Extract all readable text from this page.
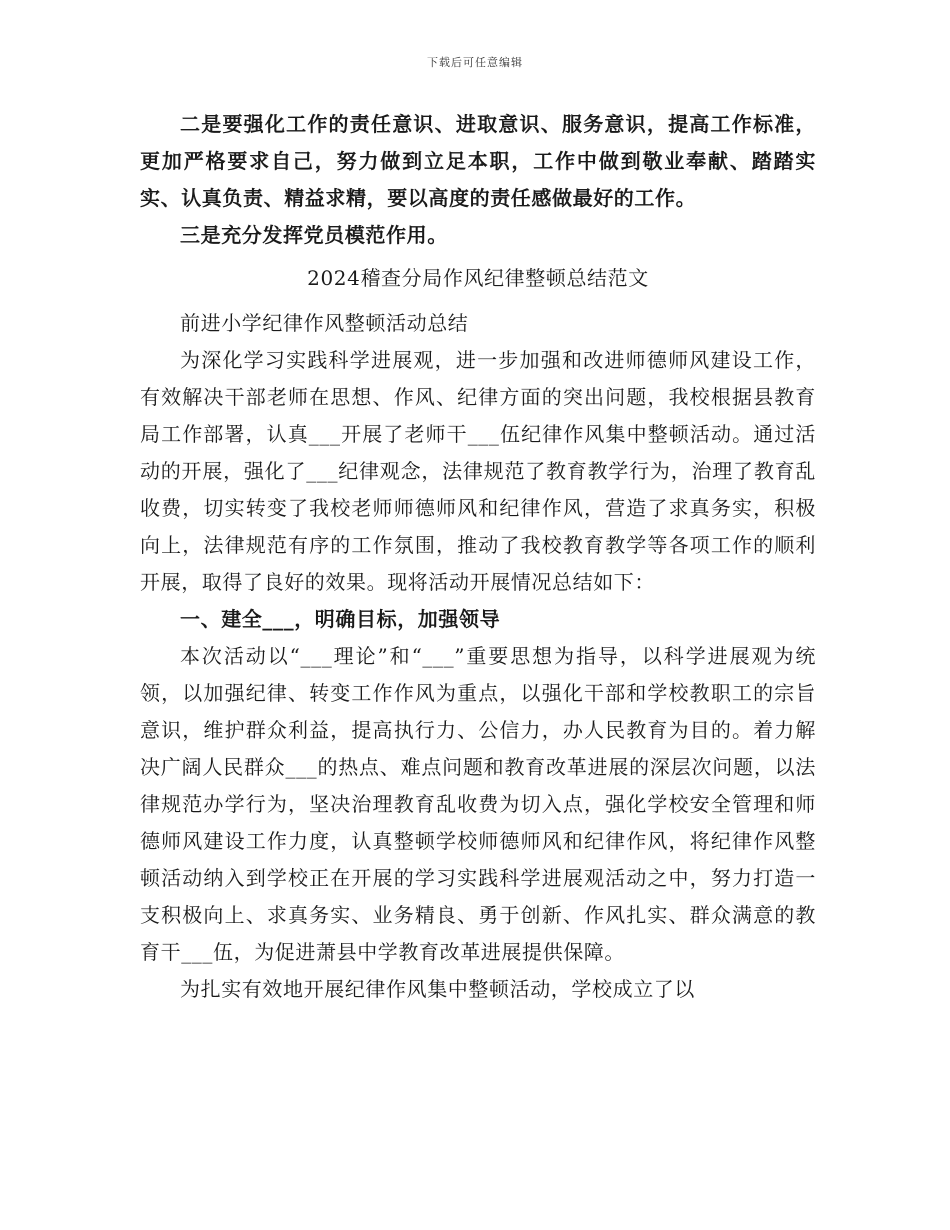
下载后可任意编辑

二是要强化工作的责任意识、进取意识、服务意识，提高工作标准，更加严格要求自己，努力做到立足本职，工作中做到敬业奉献、踏踏实实、认真负责、精益求精，要以高度的责任感做最好的工作。

三是充分发挥党员模范作用。

2024稽查分局作风纪律整顿总结范文

前进小学纪律作风整顿活动总结

为深化学习实践科学进展观，进一步加强和改进师德师风建设工作，有效解决干部老师在思想、作风、纪律方面的突出问题，我校根据县教育局工作部署，认真___开展了老师干___伍纪律作风集中整顿活动。通过活动的开展，强化了___纪律观念，法律规范了教育教学行为，治理了教育乱收费，切实转变了我校老师师德师风和纪律作风，营造了求真务实，积极向上，法律规范有序的工作氛围，推动了我校教育教学等各项工作的顺利开展，取得了良好的效果。现将活动开展情况总结如下：

一、建全___，明确目标，加强领导

本次活动以“___理论”和“___”重要思想为指导，以科学进展观为统领，以加强纪律、转变工作作风为重点，以强化干部和学校教职工的宗旨意识，维护群众利益，提高执行力、公信力，办人民教育为目的。着力解决广阔人民群众___的热点、难点问题和教育改革进展的深层次问题，以法律规范办学行为，坚决治理教育乱收费为切入点，强化学校安全管理和师德师风建设工作力度，认真整顿学校师德师风和纪律作风，将纪律作风整顿活动纳入到学校正在开展的学习实践科学进展观活动之中，努力打造一支积极向上、求真务实、业务精良、勇于创新、作风扎实、群众满意的教育干___伍，为促进萧县中学教育改革进展提供保障。

为扎实有效地开展纪律作风集中整顿活动，学校成立了以
